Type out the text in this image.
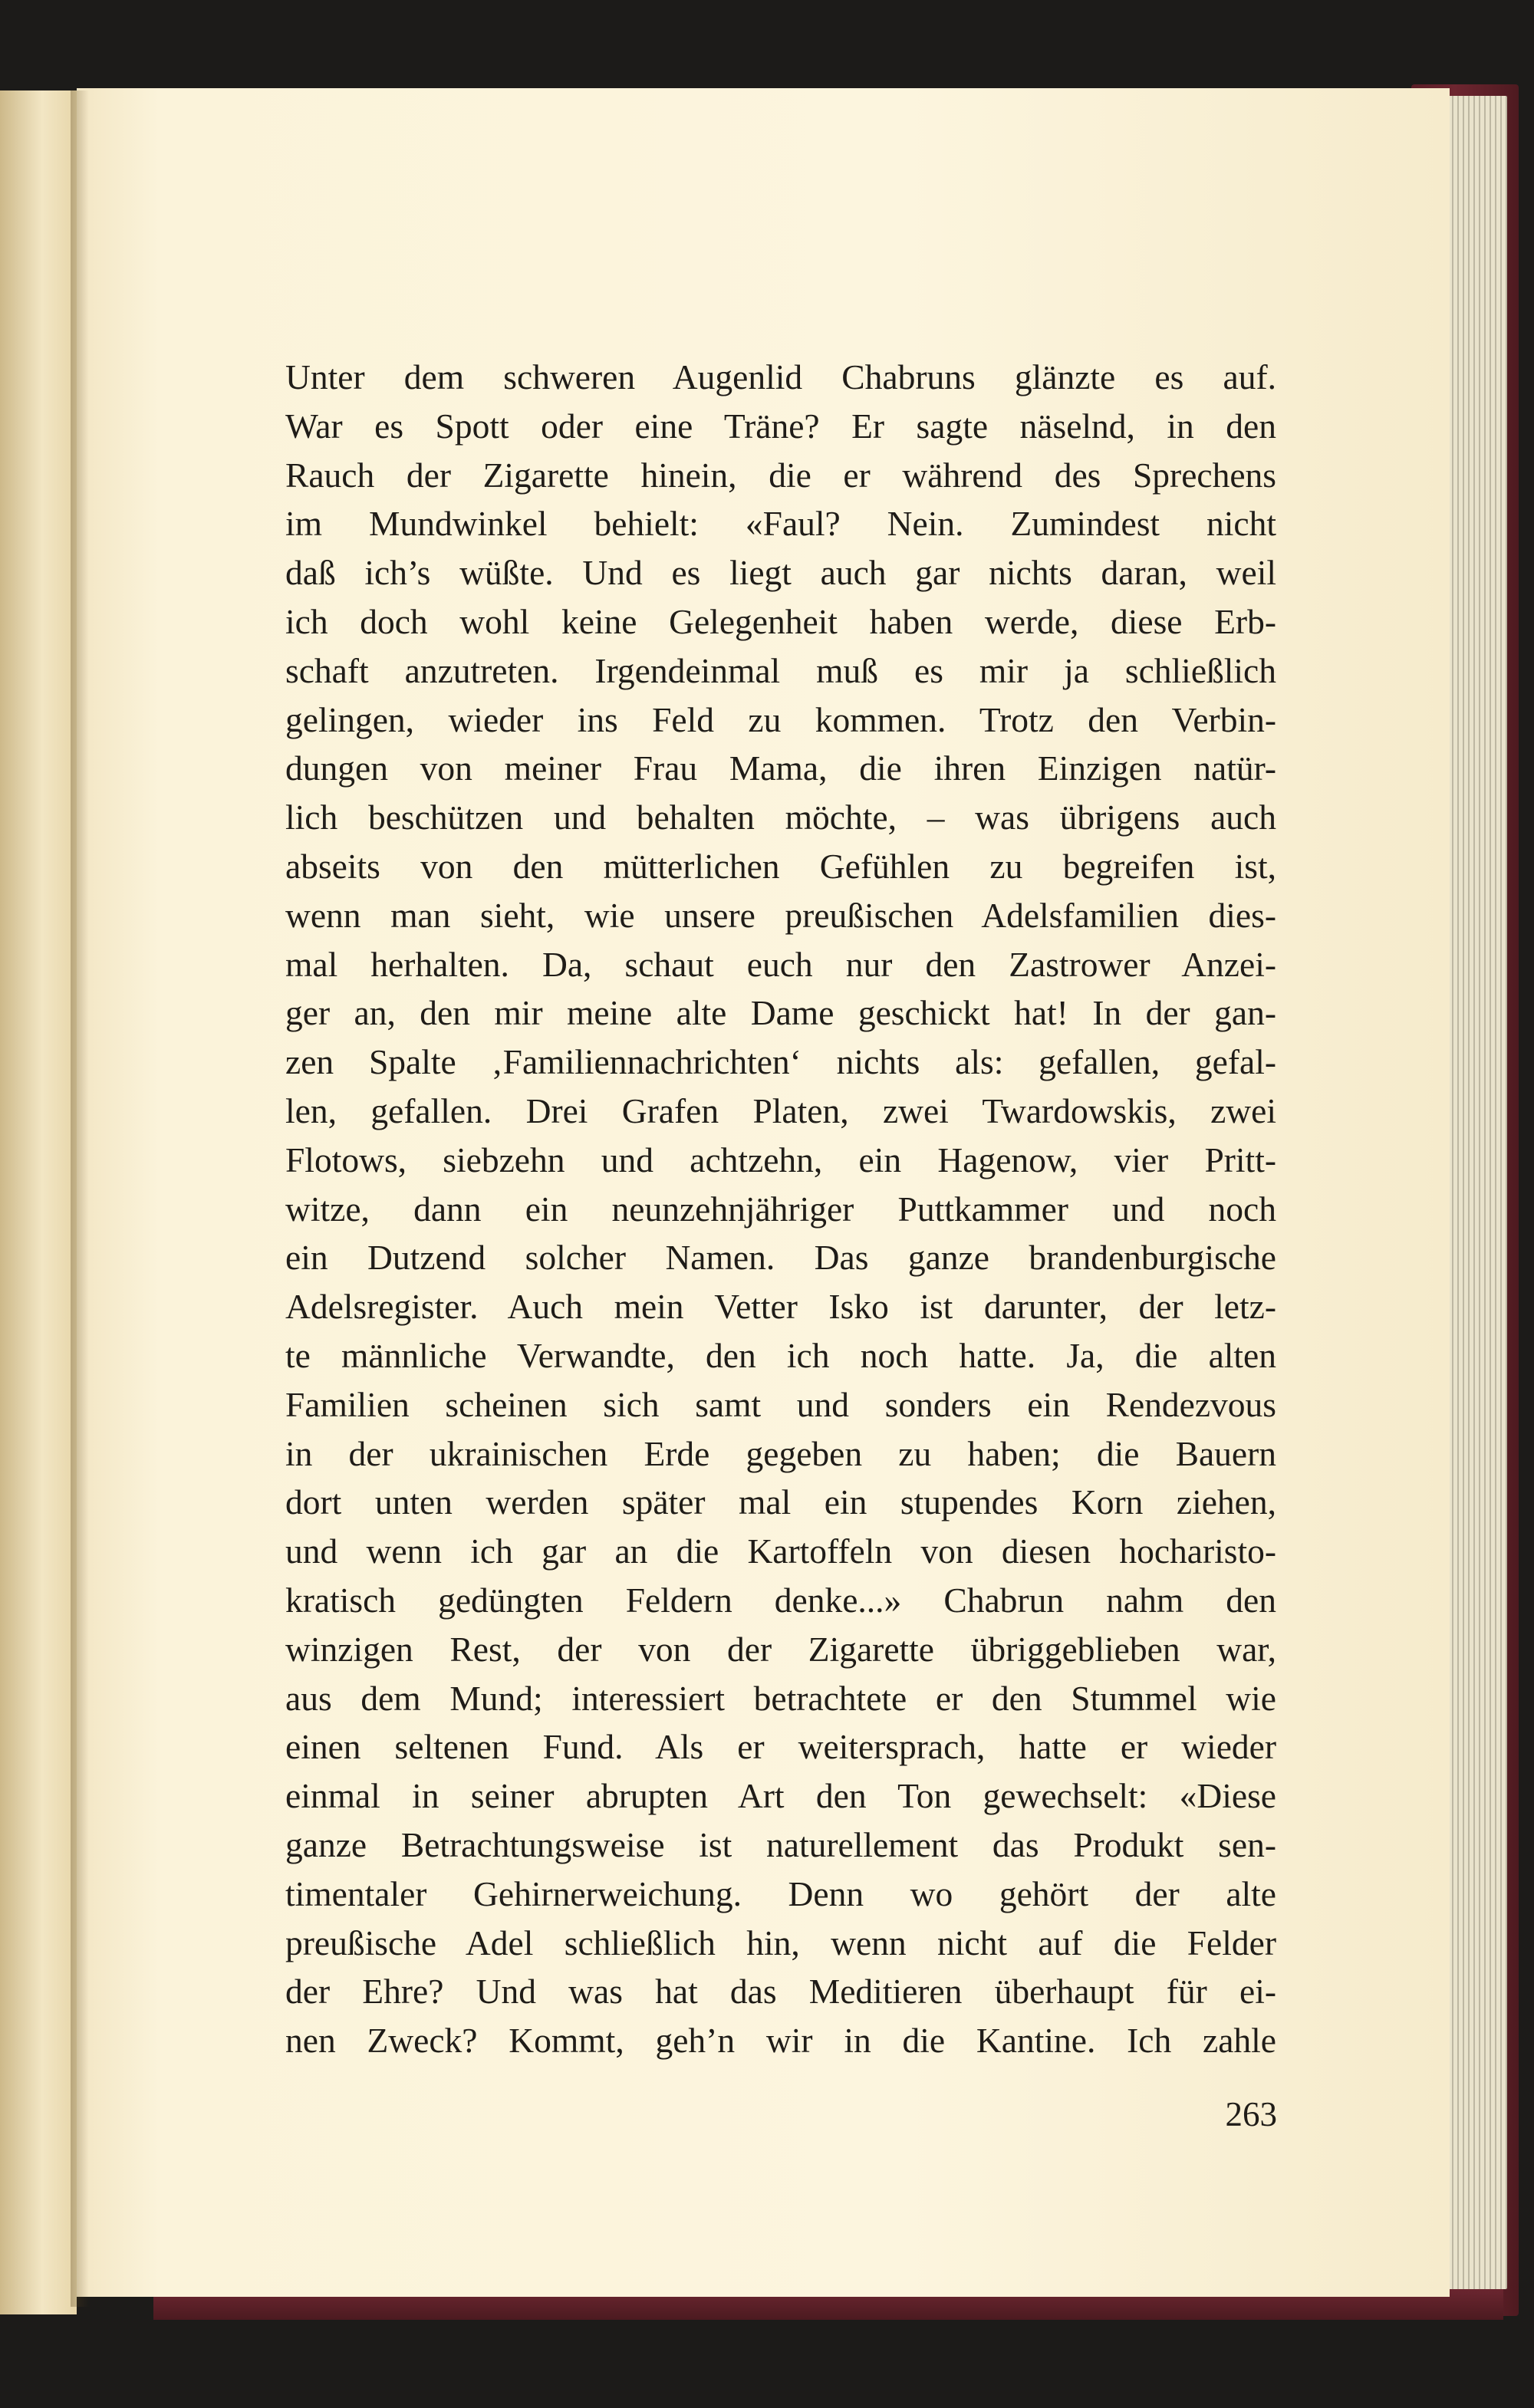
Unter dem schweren Augenlid Chabruns glänzte es auf.
War es Spott oder eine Träne? Er sagte näselnd, in den
Rauch der Zigarette hinein, die er während des Sprechens
im Mundwinkel behielt: «Faul? Nein. Zumindest nicht
daß ich’s wüßte. Und es liegt auch gar nichts daran, weil
ich doch wohl keine Gelegenheit haben werde, diese Erb-
schaft anzutreten. Irgendeinmal muß es mir ja schließlich
gelingen, wieder ins Feld zu kommen. Trotz den Verbin-
dungen von meiner Frau Mama, die ihren Einzigen natür-
lich beschützen und behalten möchte, – was übrigens auch
abseits von den mütterlichen Gefühlen zu begreifen ist,
wenn man sieht, wie unsere preußischen Adelsfamilien dies-
mal herhalten. Da, schaut euch nur den Zastrower Anzei-
ger an, den mir meine alte Dame geschickt hat! In der gan-
zen Spalte ‚Familiennachrichten‘ nichts als: gefallen, gefal-
len, gefallen. Drei Grafen Platen, zwei Twardowskis, zwei
Flotows, siebzehn und achtzehn, ein Hagenow, vier Pritt-
witze, dann ein neunzehnjähriger Puttkammer und noch
ein Dutzend solcher Namen. Das ganze brandenburgische
Adelsregister. Auch mein Vetter Isko ist darunter, der letz-
te männliche Verwandte, den ich noch hatte. Ja, die alten
Familien scheinen sich samt und sonders ein Rendezvous
in der ukrainischen Erde gegeben zu haben; die Bauern
dort unten werden später mal ein stupendes Korn ziehen,
und wenn ich gar an die Kartoffeln von diesen hocharisto-
kratisch gedüngten Feldern denke...» Chabrun nahm den
winzigen Rest, der von der Zigarette übriggeblieben war,
aus dem Mund; interessiert betrachtete er den Stummel wie
einen seltenen Fund. Als er weitersprach, hatte er wieder
einmal in seiner abrupten Art den Ton gewechselt: «Diese
ganze Betrachtungsweise ist naturellement das Produkt sen-
timentaler Gehirnerweichung. Denn wo gehört der alte
preußische Adel schließlich hin, wenn nicht auf die Felder
der Ehre? Und was hat das Meditieren überhaupt für ei-
nen Zweck? Kommt, geh’n wir in die Kantine. Ich zahle
263
